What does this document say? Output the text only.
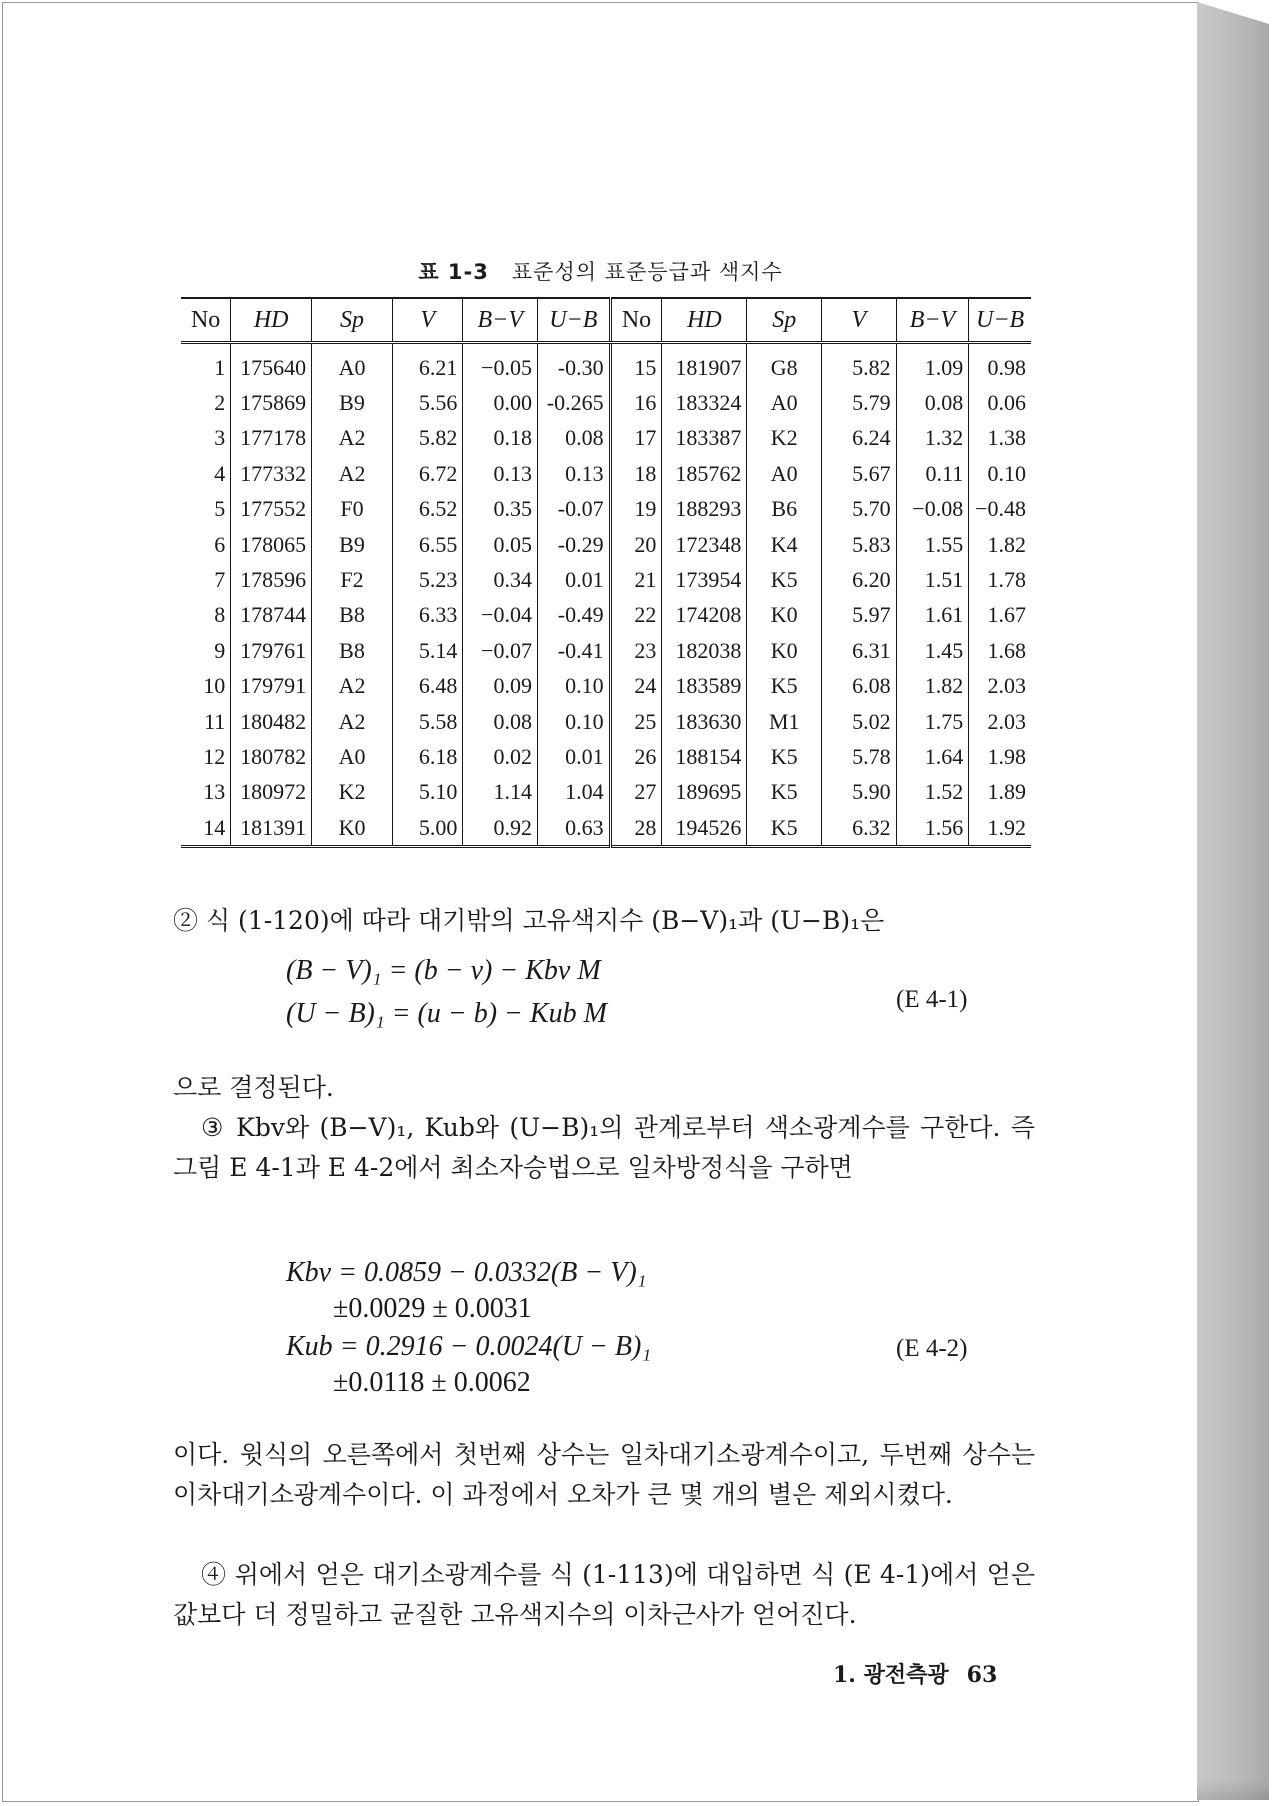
표 1-3 표준성의 표준등급과 색지수
No	HD	Sp	V	B−V	U−B	No	HD	Sp	V	B−V	U−B
1	175640	A0	6.21	−0.05	-0.30	15	181907	G8	5.82	1.09	0.98
2	175869	B9	5.56	0.00	-0.265	16	183324	A0	5.79	0.08	0.06
3	177178	A2	5.82	0.18	0.08	17	183387	K2	6.24	1.32	1.38
4	177332	A2	6.72	0.13	0.13	18	185762	A0	5.67	0.11	0.10
5	177552	F0	6.52	0.35	-0.07	19	188293	B6	5.70	−0.08	−0.48
6	178065	B9	6.55	0.05	-0.29	20	172348	K4	5.83	1.55	1.82
7	178596	F2	5.23	0.34	0.01	21	173954	K5	6.20	1.51	1.78
8	178744	B8	6.33	−0.04	-0.49	22	174208	K0	5.97	1.61	1.67
9	179761	B8	5.14	−0.07	-0.41	23	182038	K0	6.31	1.45	1.68
10	179791	A2	6.48	0.09	0.10	24	183589	K5	6.08	1.82	2.03
11	180482	A2	5.58	0.08	0.10	25	183630	M1	5.02	1.75	2.03
12	180782	A0	6.18	0.02	0.01	26	188154	K5	5.78	1.64	1.98
13	180972	K2	5.10	1.14	1.04	27	189695	K5	5.90	1.52	1.89
14	181391	K0	5.00	0.92	0.63	28	194526	K5	6.32	1.56	1.92
② 식 (1-120)에 따라 대기밖의 고유색지수 (B−V)₁과 (U−B)₁은
(B − V)₁ = (b − v) − Kbv M
(U − B)₁ = (u − b) − Kub M	(E 4-1)
으로 결정된다.
③ Kbv와 (B−V)₁, Kub와 (U−B)₁의 관계로부터 색소광계수를 구한다. 즉 그림 E 4-1과 E 4-2에서 최소자승법으로 일차방정식을 구하면
Kbv = 0.0859 − 0.0332(B − V)₁
±0.0029 ± 0.0031
Kub = 0.2916 − 0.0024(U − B)₁
±0.0118 ± 0.0062
(E 4-2)
이다. 윗식의 오른쪽에서 첫번째 상수는 일차대기소광계수이고, 두번째 상수는 이차대기소광계수이다. 이 과정에서 오차가 큰 몇 개의 별은 제외시켰다.
④ 위에서 얻은 대기소광계수를 식 (1-113)에 대입하면 식 (E 4-1)에서 얻은 값보다 더 정밀하고 균질한 고유색지수의 이차근사가 얻어진다.
1. 광전측광 63
